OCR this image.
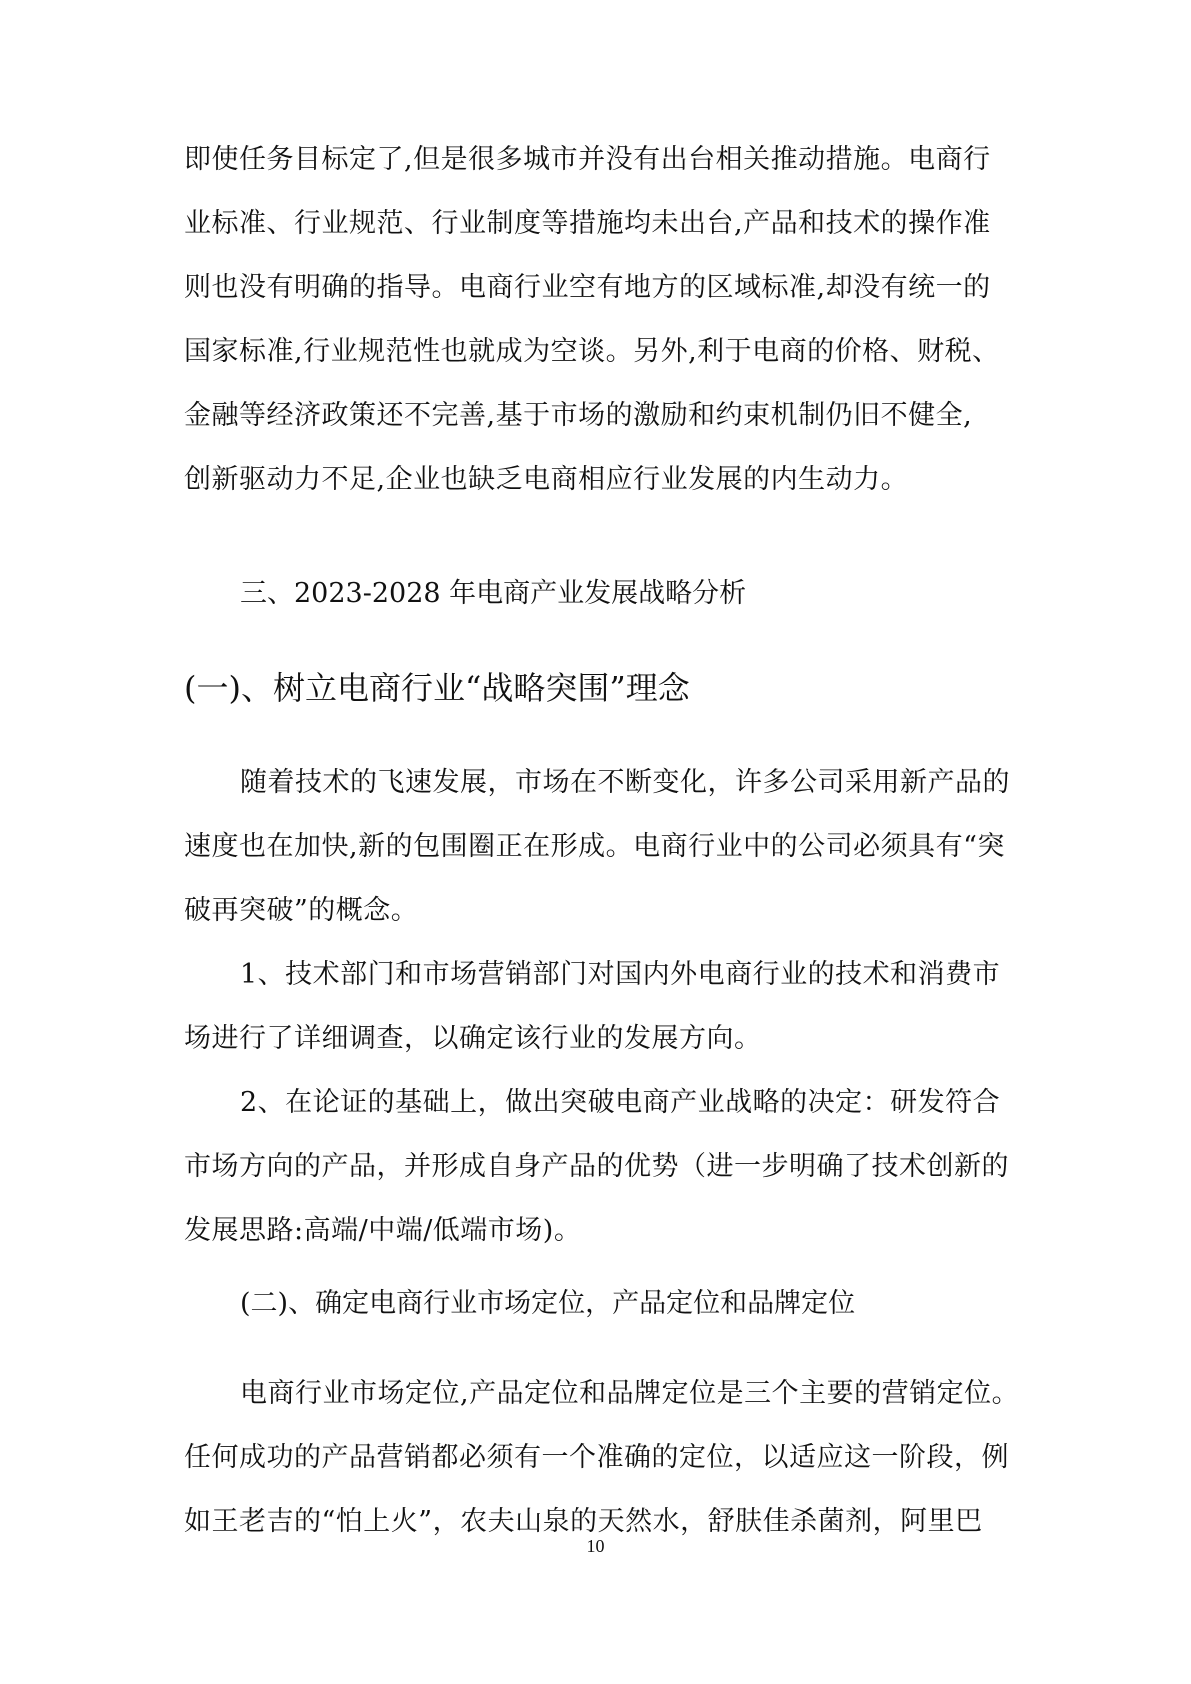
即使任务目标定了,但是很多城市并没有出台相关推动措施。电商行
业标准、行业规范、行业制度等措施均未出台,产品和技术的操作准
则也没有明确的指导。电商行业空有地方的区域标准,却没有统一的
国家标准,行业规范性也就成为空谈。另外,利于电商的价格、财税、
金融等经济政策还不完善,基于市场的激励和约束机制仍旧不健全,
创新驱动力不足,企业也缺乏电商相应行业发展的内生动力。

三、2023-2028 年电商产业发展战略分析

(一)、树立电商行业“战略突围”理念

随着技术的飞速发展，市场在不断变化，许多公司采用新产品的
速度也在加快,新的包围圈正在形成。电商行业中的公司必须具有“突
破再突破”的概念。
1、技术部门和市场营销部门对国内外电商行业的技术和消费市
场进行了详细调查，以确定该行业的发展方向。
2、在论证的基础上，做出突破电商产业战略的决定：研发符合
市场方向的产品，并形成自身产品的优势（进一步明确了技术创新的
发展思路:高端/中端/低端市场)。

(二)、确定电商行业市场定位，产品定位和品牌定位

电商行业市场定位,产品定位和品牌定位是三个主要的营销定位。
任何成功的产品营销都必须有一个准确的定位，以适应这一阶段，例
如王老吉的“怕上火”，农夫山泉的天然水，舒肤佳杀菌剂，阿里巴
10
